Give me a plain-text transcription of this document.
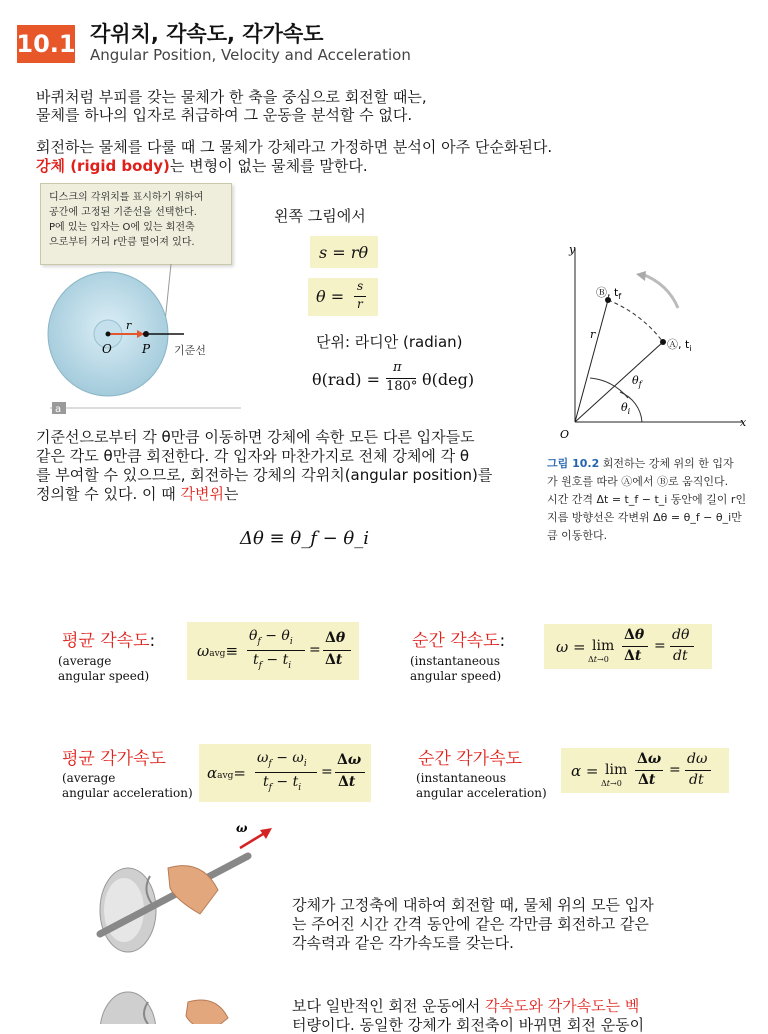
10.1 각위치, 각속도, 각가속도
Angular Position, Velocity and Acceleration
바퀴처럼 부피를 갖는 물체가 한 축을 중심으로 회전할 때는,
물체를 하나의 입자로 취급하여 그 운동을 분석할 수 없다.
회전하는 물체를 다룰 때 그 물체가 강체라고 가정하면 분석이 아주 단순화된다.
강체 (rigid body)는 변형이 없는 물체를 말한다.
디스크의 각위치를 표시하기 위하여
공간에 고정된 기준선을 선택한다.
P에 있는 입자는 O에 있는 회전축
으로부터 거리 r만큼 떨어져 있다.
r
O	P 기준선
a
왼쪽 그림에서
s = rθ
θ =
s
r
단위: 라디안 (radian)
θ(rad) =
π
180° θ(deg)
y
x
O
Ⓑ, $t_f$
Ⓐ, $t_i$
r
$\theta_f$
$\theta_i$
그림 10.2 회전하는 강체 위의 한 입자
가 원호를 따라 Ⓐ에서 Ⓑ로 움직인다.
시간 간격 Δt = t_f − t_i 동안에 길이 r인
지름 방향선은 각변위 Δθ = θ_f − θ_i만
큼 이동한다.
기준선으로부터 각 θ만큼 이동하면 강체에 속한 모든 다른 입자들도
같은 각도 θ만큼 회전한다. 각 입자와 마찬가지로 전체 강체에 각 θ
를 부여할 수 있으므로, 회전하는 강체의 각위치(angular position)를
정의할 수 있다. 이 때 각변위는
Δθ ≡ θ_f − θ_i
평균 각속도:
(average
angular speed)
ωavg≡
$\theta_f - \theta_i$
$t_f - t_i$
=
Δθ
Δt
순간 각속도:
(instantaneous
angular speed)
ω = lim
Δt→0
Δθ
Δt
=
dθ
dt
평균 각가속도
(average
angular acceleration)
αavg=
$\omega_f - \omega_i$
$t_f - t_i$
=
Δω
Δt
순간 각가속도
(instantaneous
angular acceleration)
α = lim
Δt→0
Δω
Δt
=
dω
dt
ω
강체가 고정축에 대하여 회전할 때, 물체 위의 모든 입자
는 주어진 시간 간격 동안에 같은 각만큼 회전하고 같은
각속력과 같은 각가속도를 갖는다.
보다 일반적인 회전 운동에서 각속도와 각가속도는 벡
터량이다. 동일한 강체가 회전축이 바뀌면 회전 운동이
